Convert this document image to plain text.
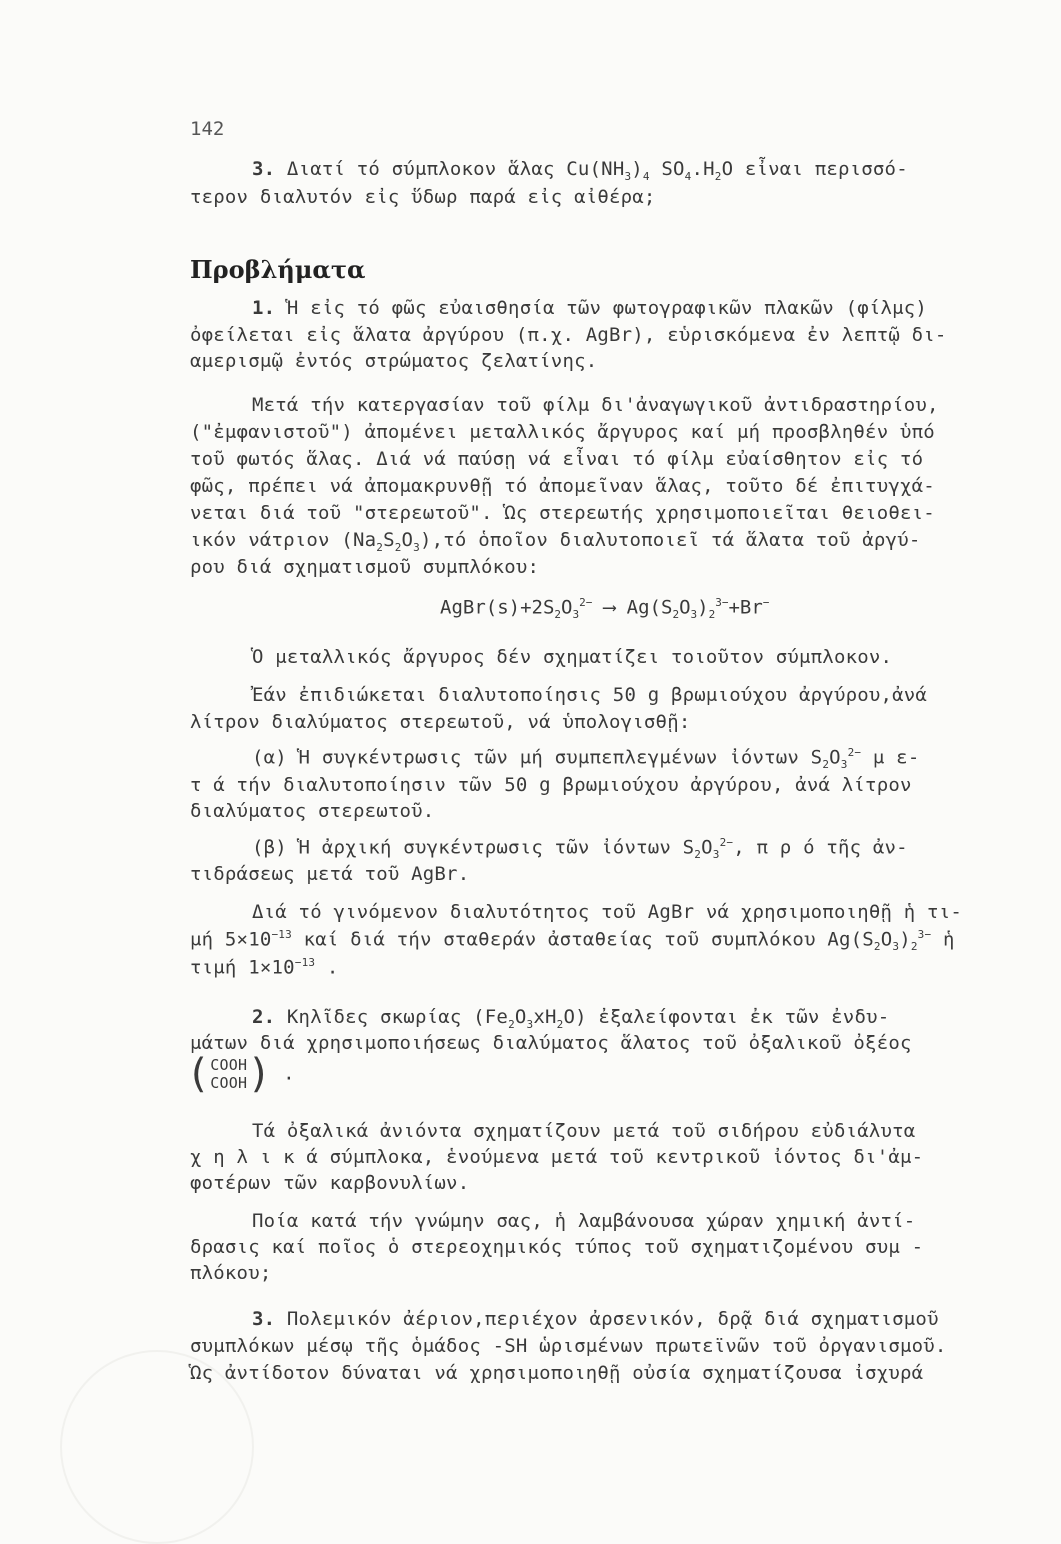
142
3. Διατί τό σύμπλοκον ἅλας $Cu(NH_3)_4$ $SO_4.H_2O$ εἶναι περισσό-
τερον διαλυτόν εἰς ὕδωρ παρά εἰς αἰθέρα;
Προβλήματα
1. Ἡ εἰς τό φῶς εὐαισθησία τῶν φωτογραφικῶν πλακῶν (φίλμς)
ὀφείλεται εἰς ἅλατα ἀργύρου (π.χ. AgBr), εὑρισκόμενα ἐν λεπτῷ δι-
αμερισμῷ ἐντός στρώματος ζελατίνης.
Μετά τήν κατεργασίαν τοῦ φίλμ δι'ἀναγωγικοῦ ἀντιδραστηρίου,
("ἐμφανιστοῦ") ἀπομένει μεταλλικός ἄργυρος καί μή προσβληθέν ὑπό
τοῦ φωτός ἅλας. Διά νά παύσῃ νά εἶναι τό φίλμ εὐαίσθητον εἰς τό
φῶς, πρέπει νά ἀπομακρυνθῇ τό ἀπομεῖναν ἅλας, τοῦτο δέ ἐπιτυγχά-
νεται διά τοῦ "στερεωτοῦ". Ὡς στερεωτής χρησιμοποιεῖται θειοθει-
ικόν νάτριον $(Na_2S_2O_3),\tau ό$ ὁποῖον διαλυτοποιεῖ τά ἅλατα τοῦ ἀργύ-
ρου διά σχηματισμοῦ συμπλόκου:
$AgBr(s)+2S_2O_3^{2-}$ ⟶ $Ag(S_2O_3)_2^{3-}+Br^-$
Ὁ μεταλλικός ἄργυρος δέν σχηματίζει τοιοῦτον σύμπλοκον.
Ἐάν ἐπιδιώκεται διαλυτοποίησις 50 g βρωμιούχου ἀργύρου,ἀνά
λίτρον διαλύματος στερεωτοῦ, νά ὑπολογισθῇ:
(α) Ἡ συγκέντρωσις τῶν μή συμπεπλεγμένων ἰόντων $S_2O_3^{2-}$ μ ε-
τ ά τήν διαλυτοποίησιν τῶν 50 g βρωμιούχου ἀργύρου, ἀνά λίτρον
διαλύματος στερεωτοῦ.
(β) Ἡ ἀρχική συγκέντρωσις τῶν ἰόντων $S_2O_3^{2-}$, π ρ ό τῆς ἀν-
τιδράσεως μετά τοῦ AgBr.
Διά τό γινόμενον διαλυτότητος τοῦ AgBr νά χρησιμοποιηθῇ ἡ τι-
μή $5\times 10^{-13}$ καί διά τήν σταθεράν ἀσταθείας τοῦ συμπλόκου $Ag(S_2O_3)_2^{3-}$ ἡ
τιμή $1\times 10^{-13}$ .
2. Κηλῖδες σκωρίας $(Fe_2O_3xH_2O)$ ἐξαλείφονται ἐκ τῶν ἐνδυ-
μάτων διά χρησιμοποιήσεως διαλύματος ἅλατος τοῦ ὀξαλικοῦ ὀξέος
(COOH
COOH) .
Τά ὀξαλικά ἀνιόντα σχηματίζουν μετά τοῦ σιδήρου εὐδιάλυτα
χ η λ ι κ ά σύμπλοκα, ἑνούμενα μετά τοῦ κεντρικοῦ ἰόντος δι'ἀμ-
φοτέρων τῶν καρβονυλίων.
Ποία κατά τήν γνώμην σας, ἡ λαμβάνουσα χώραν χημική ἀντί-
δρασις καί ποῖος ὁ στερεοχημικός τύπος τοῦ σχηματιζομένου συμ -
πλόκου;
3. Πολεμικόν ἀέριον,περιέχον ἀρσενικόν, δρᾷ διά σχηματισμοῦ
συμπλόκων μέσῳ τῆς ὁμάδος -SH ὡρισμένων πρωτεϊνῶν τοῦ ὀργανισμοῦ.
Ὡς ἀντίδοτον δύναται νά χρησιμοποιηθῇ οὐσία σχηματίζουσα ἰσχυρά
